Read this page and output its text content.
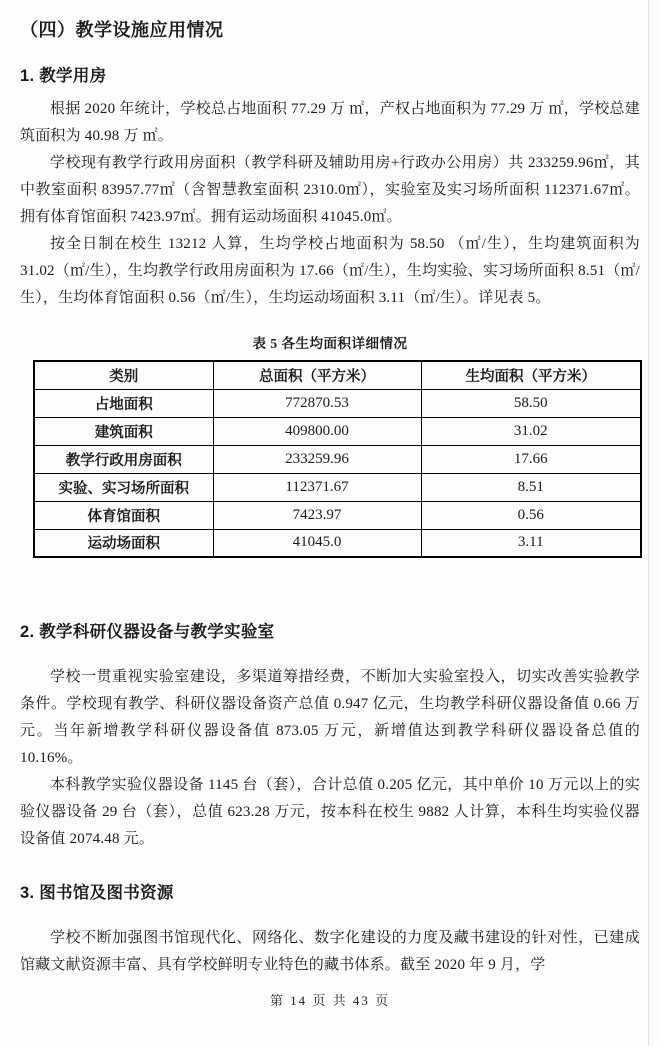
（四）教学设施应用情况
1. 教学用房

根据 2020 年统计，学校总占地面积 77.29 万 ㎡，产权占地面积为 77.29 万 ㎡，学校总建筑面积为 40.98 万 ㎡。

学校现有教学行政用房面积（教学科研及辅助用房+行政办公用房）共 233259.96㎡，其中教室面积 83957.77㎡（含智慧教室面积 2310.0㎡），实验室及实习场所面积 112371.67㎡。拥有体育馆面积 7423.97㎡。拥有运动场面积 41045.0㎡。

按全日制在校生 13212 人算，生均学校占地面积为 58.50 （㎡/生），生均建筑面积为 31.02（㎡/生），生均教学行政用房面积为 17.66（㎡/生），生均实验、实习场所面积 8.51（㎡/生），生均体育馆面积 0.56（㎡/生），生均运动场面积 3.11（㎡/生）。详见表 5。

表 5 各生均面积详细情况
类别	总面积（平方米）	生均面积（平方米）
占地面积	772870.53	58.50
建筑面积	409800.00	31.02
教学行政用房面积	233259.96	17.66
实验、实习场所面积	112371.67	8.51
体育馆面积	7423.97	0.56
运动场面积	41045.0	3.11
2. 教学科研仪器设备与教学实验室

学校一贯重视实验室建设，多渠道筹措经费，不断加大实验室投入，切实改善实验教学条件。学校现有教学、科研仪器设备资产总值 0.947 亿元，生均教学科研仪器设备值 0.66 万元。当年新增教学科研仪器设备值 873.05 万元，新增值达到教学科研仪器设备总值的 10.16%。

本科教学实验仪器设备 1145 台（套），合计总值 0.205 亿元，其中单价 10 万元以上的实验仪器设备 29 台（套），总值 623.28 万元，按本科在校生 9882 人计算，本科生均实验仪器设备值 2074.48 元。

3. 图书馆及图书资源

学校不断加强图书馆现代化、网络化、数字化建设的力度及藏书建设的针对性，已建成馆藏文献资源丰富、具有学校鲜明专业特色的藏书体系。截至 2020 年 9 月，学

第 14 页 共 43 页
